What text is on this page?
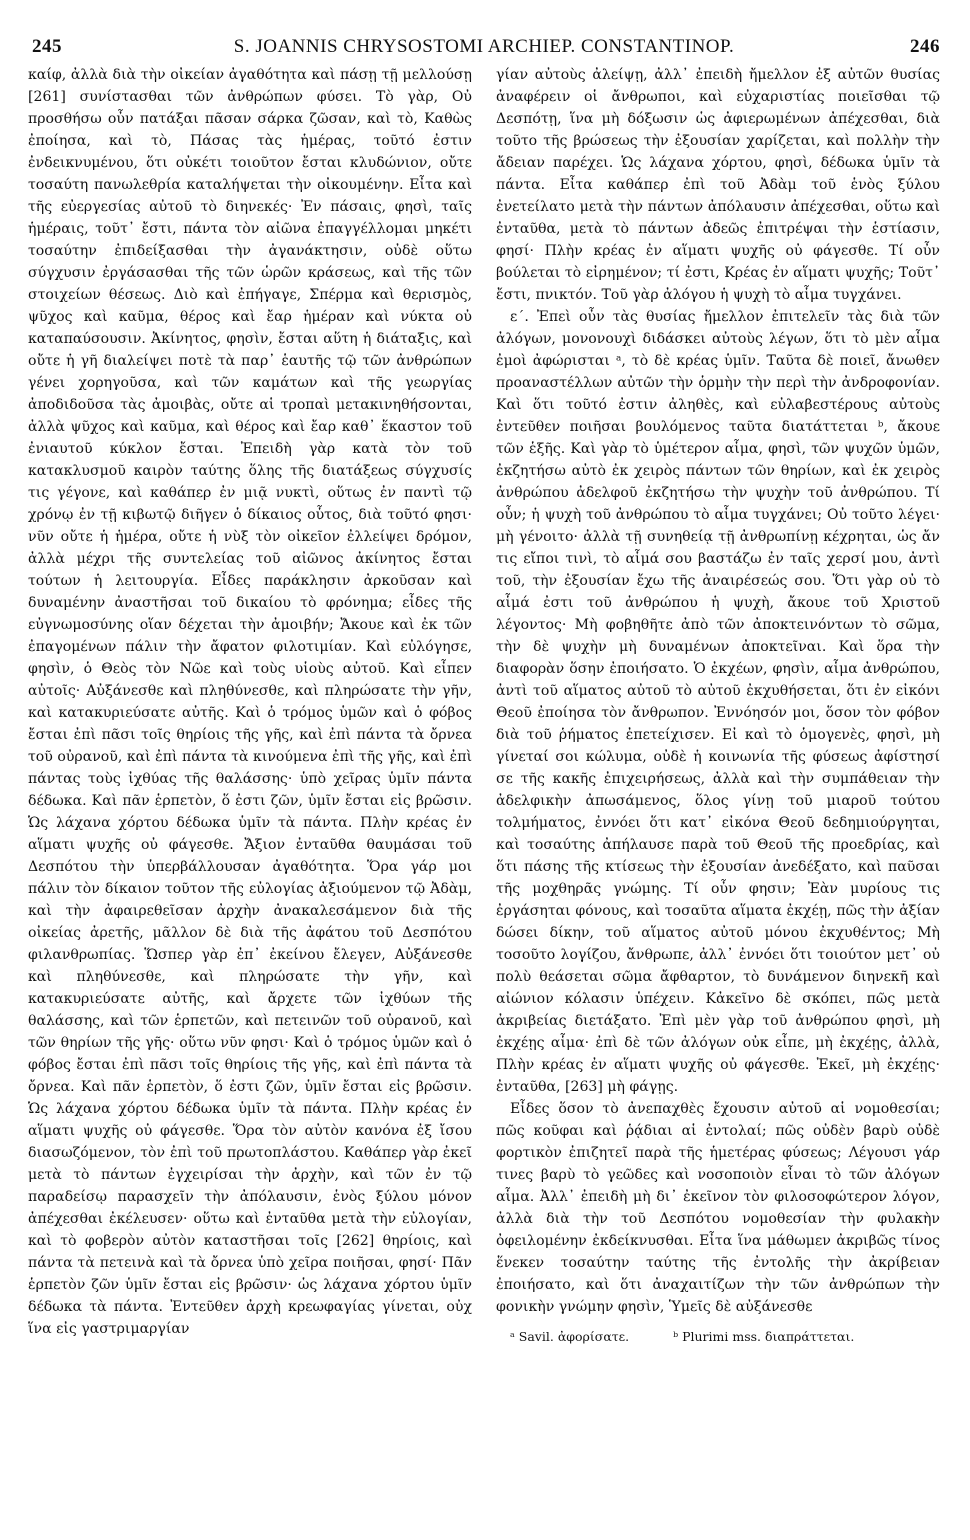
245	S. JOANNIS CHRYSOSTOMI ARCHIEP. CONSTANTINOP.	246

καίφ, ἀλλὰ διὰ τὴν οἰκείαν ἀγαθότητα καὶ πάσῃ τῇ μελλούσῃ [261] συνίστασθαι τῶν ἀνθρώπων φύσει. Τὸ γὰρ, Οὐ προσθήσω οὖν πατάξαι πᾶσαν σάρκα ζῶσαν, καὶ τὸ, Καθὼς ἐποίησα, καὶ τὸ, Πάσας τὰς ἡμέρας, τοῦτό ἐστιν ἐνδεικνυμένου, ὅτι οὐκέτι τοιοῦτον ἔσται κλυδώνιον, οὔτε τοσαύτη πανωλεθρία καταλήψεται τὴν οἰκουμένην. Εἶτα καὶ τῆς εὐεργεσίας αὐτοῦ τὸ διηνεκές· Ἐν πάσαις, φησὶ, ταῖς ἡμέραις, τοῦτ᾽ ἔστι, πάντα τὸν αἰῶνα ἐπαγγέλλομαι μηκέτι τοσαύτην ἐπιδείξασθαι τὴν ἀγανάκτησιν, οὐδὲ οὕτω σύγχυσιν ἐργάσασθαι τῆς τῶν ὡρῶν κράσεως, καὶ τῆς τῶν στοιχείων θέσεως. Διὸ καὶ ἐπήγαγε, Σπέρμα καὶ θερισμὸς, ψῦχος καὶ καῦμα, θέρος καὶ ἔαρ ἡμέραν καὶ νύκτα οὐ καταπαύσουσιν. Ἀκίνητος, φησὶν, ἔσται αὕτη ἡ διάταξις, καὶ οὔτε ἡ γῆ διαλείψει ποτὲ τὰ παρ᾽ ἑαυτῆς τῷ τῶν ἀνθρώπων γένει χορηγοῦσα, καὶ τῶν καμάτων καὶ τῆς γεωργίας ἀποδιδοῦσα τὰς ἀμοιβὰς, οὔτε αἱ τροπαὶ μετακινηθήσονται, ἀλλὰ ψῦχος καὶ καῦμα, καὶ θέρος καὶ ἔαρ καθ᾽ ἕκαστον τοῦ ἐνιαυτοῦ κύκλον ἔσται. Ἐπειδὴ γὰρ κατὰ τὸν τοῦ κατακλυσμοῦ καιρὸν ταύτης ὅλης τῆς διατάξεως σύγχυσίς τις γέγονε, καὶ καθάπερ ἐν μιᾷ νυκτὶ, οὕτως ἐν παντὶ τῷ χρόνῳ ἐν τῇ κιβωτῷ διῆγεν ὁ δίκαιος οὗτος, διὰ τοῦτό φησι· νῦν οὔτε ἡ ἡμέρα, οὔτε ἡ νὺξ τὸν οἰκεῖον ἐλλείψει δρόμον, ἀλλὰ μέχρι τῆς συντελείας τοῦ αἰῶνος ἀκίνητος ἔσται τούτων ἡ λειτουργία. Εἶδες παράκλησιν ἀρκοῦσαν καὶ δυναμένην ἀναστῆσαι τοῦ δικαίου τὸ φρόνημα; εἶδες τῆς εὐγνωμοσύνης οἵαν δέχεται τὴν ἀμοιβήν; Ἄκουε καὶ ἐκ τῶν ἐπαγομένων πάλιν τὴν ἄφατον φιλοτιμίαν. Καὶ εὐλόγησε, φησὶν, ὁ Θεὸς τὸν Νῶε καὶ τοὺς υἱοὺς αὐτοῦ. Καὶ εἶπεν αὐτοῖς· Αὐξάνεσθε καὶ πληθύνεσθε, καὶ πληρώσατε τὴν γῆν, καὶ κατακυριεύσατε αὐτῆς. Καὶ ὁ τρόμος ὑμῶν καὶ ὁ φόβος ἔσται ἐπὶ πᾶσι τοῖς θηρίοις τῆς γῆς, καὶ ἐπὶ πάντα τὰ ὄρνεα τοῦ οὐρανοῦ, καὶ ἐπὶ πάντα τὰ κινούμενα ἐπὶ τῆς γῆς, καὶ ἐπὶ πάντας τοὺς ἰχθύας τῆς θαλάσσης· ὑπὸ χεῖρας ὑμῖν πάντα δέδωκα. Καὶ πᾶν ἑρπετὸν, ὅ ἐστι ζῶν, ὑμῖν ἔσται εἰς βρῶσιν. Ὡς λάχανα χόρτου δέδωκα ὑμῖν τὰ πάντα. Πλὴν κρέας ἐν αἵματι ψυχῆς οὐ φάγεσθε. Ἄξιον ἐνταῦθα θαυμάσαι τοῦ Δεσπότου τὴν ὑπερβάλλουσαν ἀγαθότητα. Ὅρα γάρ μοι πάλιν τὸν δίκαιον τοῦτον τῆς εὐλογίας ἀξιούμενον τῷ Ἀδὰμ, καὶ τὴν ἀφαιρεθεῖσαν ἀρχὴν ἀνακαλεσάμενον διὰ τῆς οἰκείας ἀρετῆς, μᾶλλον δὲ διὰ τῆς ἀφάτου τοῦ Δεσπότου φιλανθρωπίας. Ὥσπερ γὰρ ἐπ᾽ ἐκείνου ἔλεγεν, Αὐξάνεσθε καὶ πληθύνεσθε, καὶ πληρώσατε τὴν γῆν, καὶ κατακυριεύσατε αὐτῆς, καὶ ἄρχετε τῶν ἰχθύων τῆς θαλάσσης, καὶ τῶν ἑρπετῶν, καὶ πετεινῶν τοῦ οὐρανοῦ, καὶ τῶν θηρίων τῆς γῆς· οὕτω νῦν φησι· Καὶ ὁ τρόμος ὑμῶν καὶ ὁ φόβος ἔσται ἐπὶ πᾶσι τοῖς θηρίοις τῆς γῆς, καὶ ἐπὶ πάντα τὰ ὄρνεα. Καὶ πᾶν ἑρπετὸν, ὅ ἐστι ζῶν, ὑμῖν ἔσται εἰς βρῶσιν. Ὡς λάχανα χόρτου δέδωκα ὑμῖν τὰ πάντα. Πλὴν κρέας ἐν αἵματι ψυχῆς οὐ φάγεσθε. Ὅρα τὸν αὐτὸν κανόνα ἐξ ἴσου διασωζόμενον, τὸν ἐπὶ τοῦ πρωτοπλάστου. Καθάπερ γὰρ ἐκεῖ μετὰ τὸ πάντων ἐγχειρίσαι τὴν ἀρχὴν, καὶ τῶν ἐν τῷ παραδείσῳ παρασχεῖν τὴν ἀπόλαυσιν, ἑνὸς ξύλου μόνον ἀπέχεσθαι ἐκέλευσεν· οὕτω καὶ ἐνταῦθα μετὰ τὴν εὐλογίαν, καὶ τὸ φοβερὸν αὐτὸν καταστῆσαι τοῖς [262] θηρίοις, καὶ πάντα τὰ πετεινὰ καὶ τὰ ὄρνεα ὑπὸ χεῖρα ποιῆσαι, φησί· Πᾶν ἑρπετὸν ζῶν ὑμῖν ἔσται εἰς βρῶσιν· ὡς λάχανα χόρτου ὑμῖν δέδωκα τὰ πάντα. Ἐντεῦθεν ἀρχὴ κρεωφαγίας γίνεται, οὐχ ἵνα εἰς γαστριμαργίαν

γίαν αὐτοὺς ἀλείψῃ, ἀλλ᾽ ἐπειδὴ ἤμελλον ἐξ αὐτῶν θυσίας ἀναφέρειν οἱ ἄνθρωποι, καὶ εὐχαριστίας ποιεῖσθαι τῷ Δεσπότῃ, ἵνα μὴ δόξωσιν ὡς ἀφιερωμένων ἀπέχεσθαι, διὰ τοῦτο τῆς βρώσεως τὴν ἐξουσίαν χαρίζεται, καὶ πολλὴν τὴν ἄδειαν παρέχει. Ὡς λάχανα χόρτου, φησὶ, δέδωκα ὑμῖν τὰ πάντα. Εἶτα καθάπερ ἐπὶ τοῦ Ἀδὰμ τοῦ ἑνὸς ξύλου ἐνετείλατο μετὰ τὴν πάντων ἀπόλαυσιν ἀπέχεσθαι, οὕτω καὶ ἐνταῦθα, μετὰ τὸ πάντων ἀδεῶς ἐπιτρέψαι τὴν ἑστίασιν, φησί· Πλὴν κρέας ἐν αἵματι ψυχῆς οὐ φάγεσθε. Τί οὖν βούλεται τὸ εἰρημένον; τί ἐστι, Κρέας ἐν αἵματι ψυχῆς; Τοῦτ᾽ ἔστι, πνικτόν. Τοῦ γὰρ ἀλόγου ἡ ψυχὴ τὸ αἷμα τυγχάνει.

ε΄. Ἐπεὶ οὖν τὰς θυσίας ἤμελλον ἐπιτελεῖν τὰς διὰ τῶν ἀλόγων, μονονουχὶ διδάσκει αὐτοὺς λέγων, ὅτι τὸ μὲν αἷμα ἐμοὶ ἀφώρισται ᵃ, τὸ δὲ κρέας ὑμῖν. Ταῦτα δὲ ποιεῖ, ἄνωθεν προαναστέλλων αὐτῶν τὴν ὁρμὴν τὴν περὶ τὴν ἀνδροφονίαν. Καὶ ὅτι τοῦτό ἐστιν ἀληθὲς, καὶ εὐλαβεστέρους αὐτοὺς ἐντεῦθεν ποιῆσαι βουλόμενος ταῦτα διατάττεται ᵇ, ἄκουε τῶν ἑξῆς. Καὶ γὰρ τὸ ὑμέτερον αἷμα, φησὶ, τῶν ψυχῶν ὑμῶν, ἐκζητήσω αὐτὸ ἐκ χειρὸς πάντων τῶν θηρίων, καὶ ἐκ χειρὸς ἀνθρώπου ἀδελφοῦ ἐκζητήσω τὴν ψυχὴν τοῦ ἀνθρώπου. Τί οὖν; ἡ ψυχὴ τοῦ ἀνθρώπου τὸ αἷμα τυγχάνει; Οὐ τοῦτο λέγει· μὴ γένοιτο· ἀλλὰ τῇ συνηθείᾳ τῇ ἀνθρωπίνῃ κέχρηται, ὡς ἄν τις εἴποι τινὶ, τὸ αἷμά σου βαστάζω ἐν ταῖς χερσί μου, ἀντὶ τοῦ, τὴν ἐξουσίαν ἔχω τῆς ἀναιρέσεώς σου. Ὅτι γὰρ οὐ τὸ αἷμά ἐστι τοῦ ἀνθρώπου ἡ ψυχὴ, ἄκουε τοῦ Χριστοῦ λέγοντος· Μὴ φοβηθῆτε ἀπὸ τῶν ἀποκτεινόντων τὸ σῶμα, τὴν δὲ ψυχὴν μὴ δυναμένων ἀποκτεῖναι. Καὶ ὅρα τὴν διαφορὰν ὅσην ἐποιήσατο. Ὁ ἐκχέων, φησὶν, αἷμα ἀνθρώπου, ἀντὶ τοῦ αἵματος αὐτοῦ τὸ αὐτοῦ ἐκχυθήσεται, ὅτι ἐν εἰκόνι Θεοῦ ἐποίησα τὸν ἄνθρωπον. Ἐννόησόν μοι, ὅσον τὸν φόβον διὰ τοῦ ῥήματος ἐπετείχισεν. Εἰ καὶ τὸ ὁμογενὲς, φησὶ, μὴ γίνεταί σοι κώλυμα, οὐδὲ ἡ κοινωνία τῆς φύσεως ἀφίστησί σε τῆς κακῆς ἐπιχειρήσεως, ἀλλὰ καὶ τὴν συμπάθειαν τὴν ἀδελφικὴν ἀπωσάμενος, ὅλος γίνῃ τοῦ μιαροῦ τούτου τολμήματος, ἐννόει ὅτι κατ᾽ εἰκόνα Θεοῦ δεδημιούργηται, καὶ τοσαύτης ἀπήλαυσε παρὰ τοῦ Θεοῦ τῆς προεδρίας, καὶ ὅτι πάσης τῆς κτίσεως τὴν ἐξουσίαν ἀνεδέξατο, καὶ παῦσαι τῆς μοχθηρᾶς γνώμης. Τί οὖν φησιν; Ἐὰν μυρίους τις ἐργάσηται φόνους, καὶ τοσαῦτα αἵματα ἐκχέῃ, πῶς τὴν ἀξίαν δώσει δίκην, τοῦ αἵματος αὐτοῦ μόνου ἐκχυθέντος; Μὴ τοσοῦτο λογίζου, ἄνθρωπε, ἀλλ᾽ ἐννόει ὅτι τοιούτον μετ᾽ οὐ πολὺ θεάσεται σῶμα ἄφθαρτον, τὸ δυνάμενον διηνεκῆ καὶ αἰώνιον κόλασιν ὑπέχειν. Κἀκεῖνο δὲ σκόπει, πῶς μετὰ ἀκριβείας διετάξατο. Ἐπὶ μὲν γὰρ τοῦ ἀνθρώπου φησὶ, μὴ ἐκχέῃς αἷμα· ἐπὶ δὲ τῶν ἀλόγων οὐκ εἶπε, μὴ ἐκχέῃς, ἀλλὰ, Πλὴν κρέας ἐν αἵματι ψυχῆς οὐ φάγεσθε. Ἐκεῖ, μὴ ἐκχέῃς· ἐνταῦθα, [263] μὴ φάγῃς.

Εἶδες ὅσον τὸ ἀνεπαχθὲς ἔχουσιν αὐτοῦ αἱ νομοθεσίαι; πῶς κοῦφαι καὶ ῥᾴδιαι αἱ ἐντολαί; πῶς οὐδὲν βαρὺ οὐδὲ φορτικὸν ἐπιζητεῖ παρὰ τῆς ἡμετέρας φύσεως; Λέγουσι γάρ τινες βαρὺ τὸ γεῶδες καὶ νοσοποιὸν εἶναι τὸ τῶν ἀλόγων αἷμα. Ἀλλ᾽ ἐπειδὴ μὴ δι᾽ ἐκεῖνον τὸν φιλοσοφώτερον λόγον, ἀλλὰ διὰ τὴν τοῦ Δεσπότου νομοθεσίαν τὴν φυλακὴν ὀφειλομένην ἐκδείκνυσθαι. Εἶτα ἵνα μάθωμεν ἀκριβῶς τίνος ἕνεκεν τοσαύτην ταύτης τῆς ἐντολῆς τὴν ἀκρίβειαν ἐποιήσατο, καὶ ὅτι ἀναχαιτίζων τὴν τῶν ἀνθρώπων τὴν φονικὴν γνώμην φησὶν, Ὑμεῖς δὲ αὐξάνεσθε

ᵃ Savil. ἀφορίσατε.	ᵇ Plurimi mss. διαπράττεται.
